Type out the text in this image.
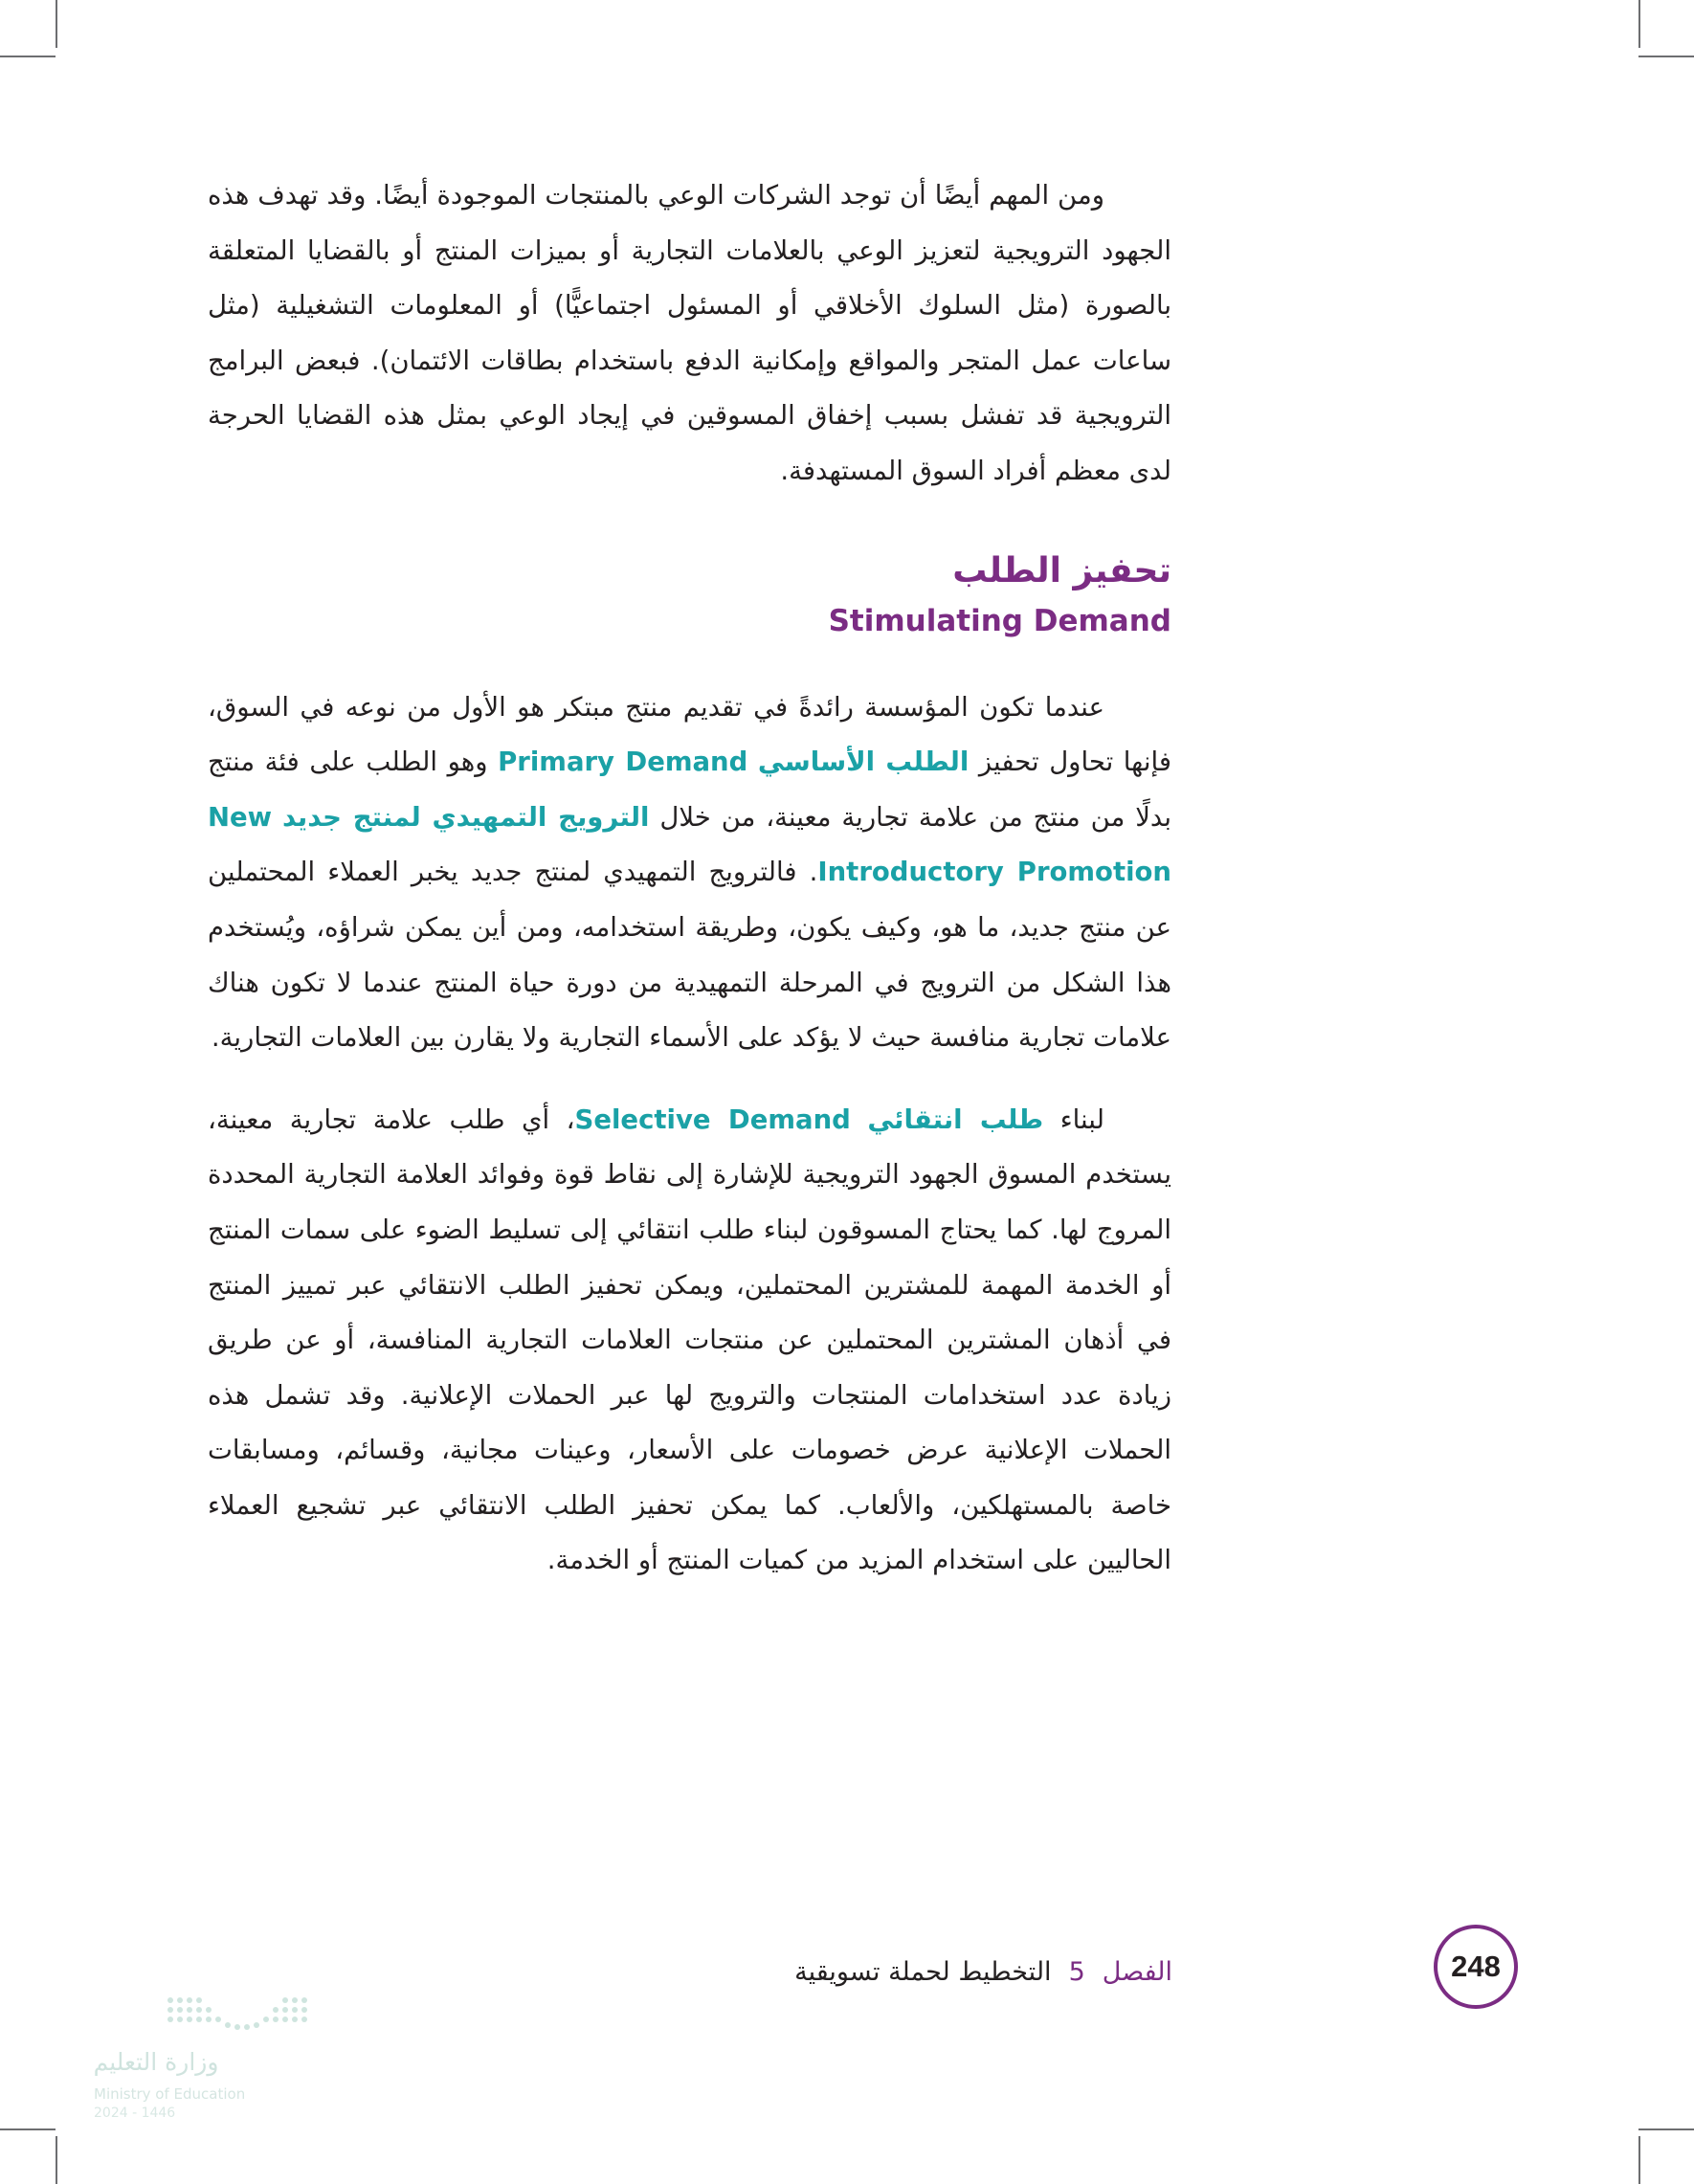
ومن المهم أيضًا أن توجد الشركات الوعي بالمنتجات الموجودة أيضًا. وقد تهدف هذه الجهود الترويجية لتعزيز الوعي بالعلامات التجارية أو بميزات المنتج أو بالقضايا المتعلقة بالصورة (مثل السلوك الأخلاقي أو المسئول اجتماعيًّا) أو المعلومات التشغيلية (مثل ساعات عمل المتجر والمواقع وإمكانية الدفع باستخدام بطاقات الائتمان). فبعض البرامج الترويجية قد تفشل بسبب إخفاق المسوقين في إيجاد الوعي بمثل هذه القضايا الحرجة لدى معظم أفراد السوق المستهدفة.

تحفيز الطلب
Stimulating Demand

عندما تكون المؤسسة رائدةً في تقديم منتج مبتكر هو الأول من نوعه في السوق، فإنها تحاول تحفيز الطلب الأساسي Primary Demand وهو الطلب على فئة منتج بدلًا من منتج من علامة تجارية معينة، من خلال الترويج التمهيدي لمنتج جديد New Introductory Promotion. فالترويج التمهيدي لمنتج جديد يخبر العملاء المحتملين عن منتج جديد، ما هو، وكيف يكون، وطريقة استخدامه، ومن أين يمكن شراؤه، ويُستخدم هذا الشكل من الترويج في المرحلة التمهيدية من دورة حياة المنتج عندما لا تكون هناك علامات تجارية منافسة حيث لا يؤكد على الأسماء التجارية ولا يقارن بين العلامات التجارية.

لبناء طلب انتقائي Selective Demand، أي طلب علامة تجارية معينة، يستخدم المسوق الجهود الترويجية للإشارة إلى نقاط قوة وفوائد العلامة التجارية المحددة المروج لها. كما يحتاج المسوقون لبناء طلب انتقائي إلى تسليط الضوء على سمات المنتج أو الخدمة المهمة للمشترين المحتملين، ويمكن تحفيز الطلب الانتقائي عبر تمييز المنتج في أذهان المشترين المحتملين عن منتجات العلامات التجارية المنافسة، أو عن طريق زيادة عدد استخدامات المنتجات والترويج لها عبر الحملات الإعلانية. وقد تشمل هذه الحملات الإعلانية عرض خصومات على الأسعار، وعينات مجانية، وقسائم، ومسابقات خاصة بالمستهلكين، والألعاب. كما يمكن تحفيز الطلب الانتقائي عبر تشجيع العملاء الحاليين على استخدام المزيد من كميات المنتج أو الخدمة.

الفصل
5
التخطيط لحملة تسويقية	248
وزارة التعليم
Ministry of Education
2024 - 1446
